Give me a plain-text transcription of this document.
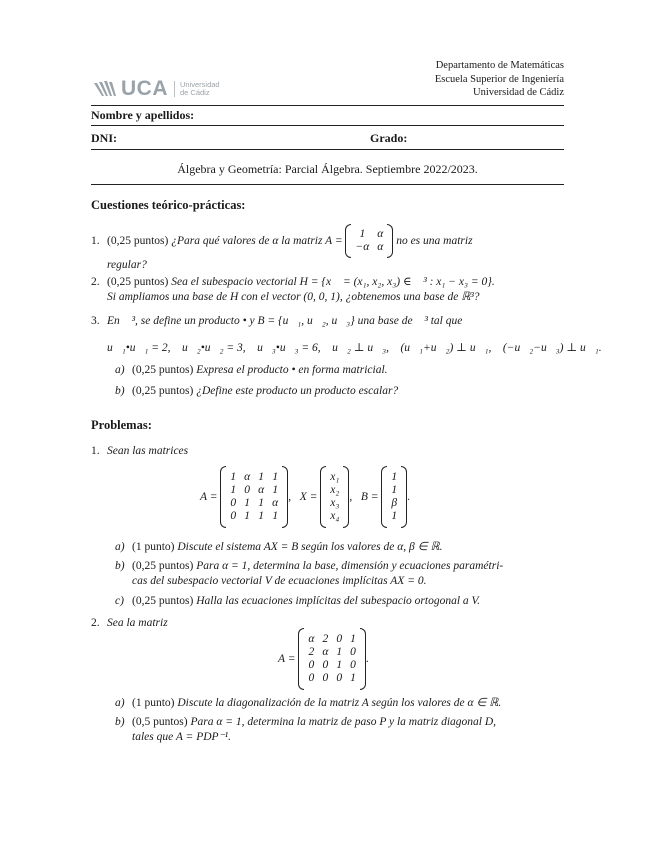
Departamento de Matemáticas
Escuela Superior de Ingeniería
Universidad de Cádiz
UCA	Universidad
de Cádiz
Nombre y apellidos:
DNI:	Grado:
Álgebra y Geometría: Parcial Álgebra. Septiembre 2022/2023.
Cuestiones teórico-prácticas:
1. (0,25 puntos)
¿Para qué valores de α la matriz A =

1	α
−α	α

no es una matriz
regular?
2. (0,25 puntos) Sea el subespacio vectorial H = {x⃗ = (x₁, x₂, x₃) ∈ ℝ³ : x₁ − x₃ = 0}.
Si ampliamos una base de H con el vector (0, 0, 1), ¿obtenemos una base de ℝ³?
3. En ℝ³, se define un producto • y B = {u⃗₁, u⃗₂, u⃗₃} una base de ℝ³ tal que
u⃗₁•u⃗₁ = 2,    u⃗₂•u⃗₂ = 3,    u⃗₃•u⃗₃ = 6,    u⃗₂ ⊥ u⃗₃,    (u⃗₁+u⃗₂) ⊥ u⃗₁,    (−u⃗₂−u⃗₃) ⊥ u⃗₁.
a) (0,25 puntos) Expresa el producto • en forma matricial.
b) (0,25 puntos) ¿Define este producto un producto escalar?
Problemas:
1. Sean las matrices
A =

1	α	1	1
1	0	α	1
0	1	1	α
0	1	1	1
,
X =

x₁
x₂
x₃
x₄
,
B =

1
1
β
1
.
a) (1 punto) Discute el sistema AX = B según los valores de α, β ∈ ℝ.
b) (0,25 puntos) Para α = 1, determina la base, dimensión y ecuaciones paramétri-
cas del subespacio vectorial V de ecuaciones implícitas AX = 0.
c) (0,25 puntos) Halla las ecuaciones implícitas del subespacio ortogonal a V.
2. Sea la matriz
A =

α	2	0	1
2	α	1	0
0	0	1	0
0	0	0	1
.
a) (1 punto) Discute la diagonalización de la matriz A según los valores de α ∈ ℝ.
b) (0,5 puntos) Para α = 1, determina la matriz de paso P y la matriz diagonal D,
tales que A = PDP⁻¹.
